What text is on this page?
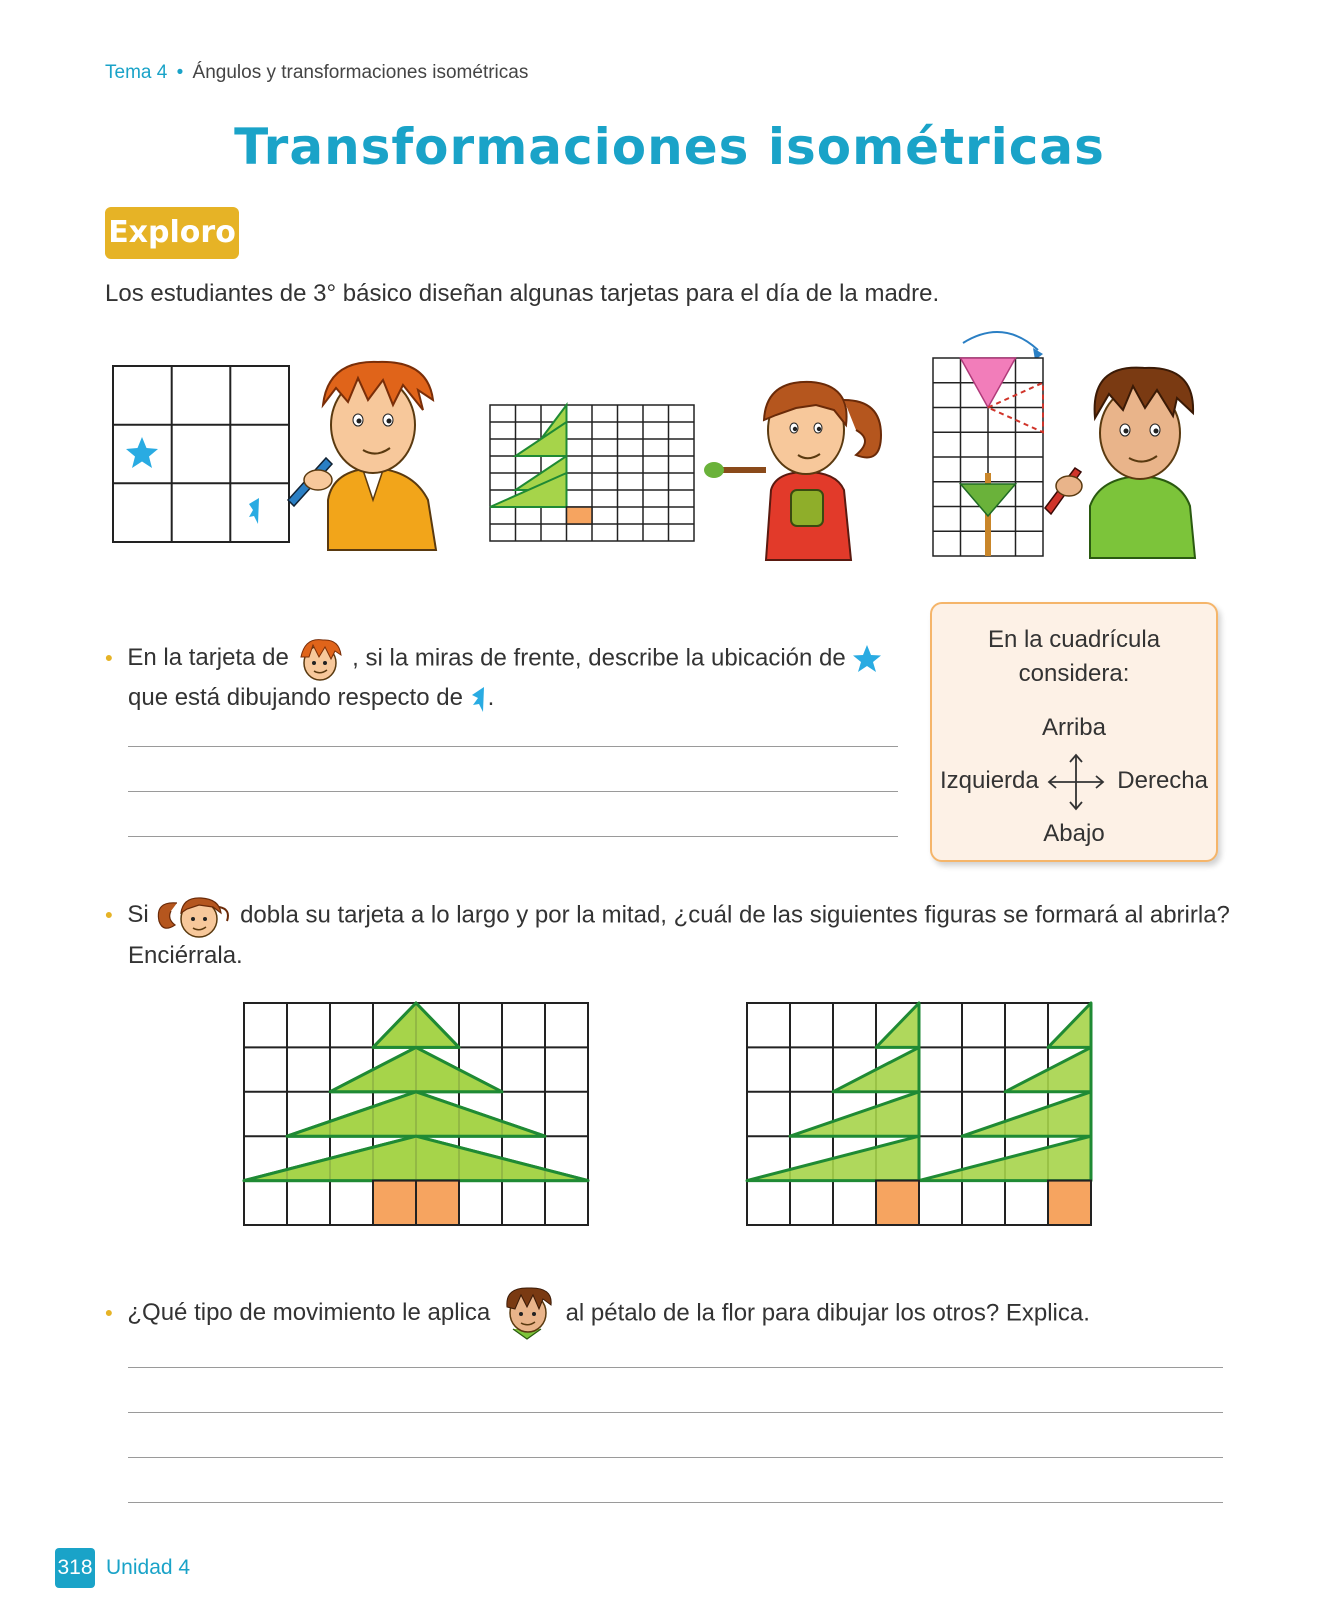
Tema 4 • Ángulos y transformaciones isométricas
Transformaciones isométricas
Exploro
Los estudiantes de 3° básico diseñan algunas tarjetas para el día de la madre.
• En la tarjeta de	, si la miras de frente, describe la ubicación de
que está dibujando respecto de .
En la cuadrícula
considera:
Arriba
Izquierda	Derecha
Abajo
• Si	dobla su tarjeta a lo largo y por la mitad, ¿cuál de las siguientes figuras se formará al abrirla?
Enciérrala.
• ¿Qué tipo de movimiento le aplica	al pétalo de la flor para dibujar los otros? Explica.
318 Unidad 4
